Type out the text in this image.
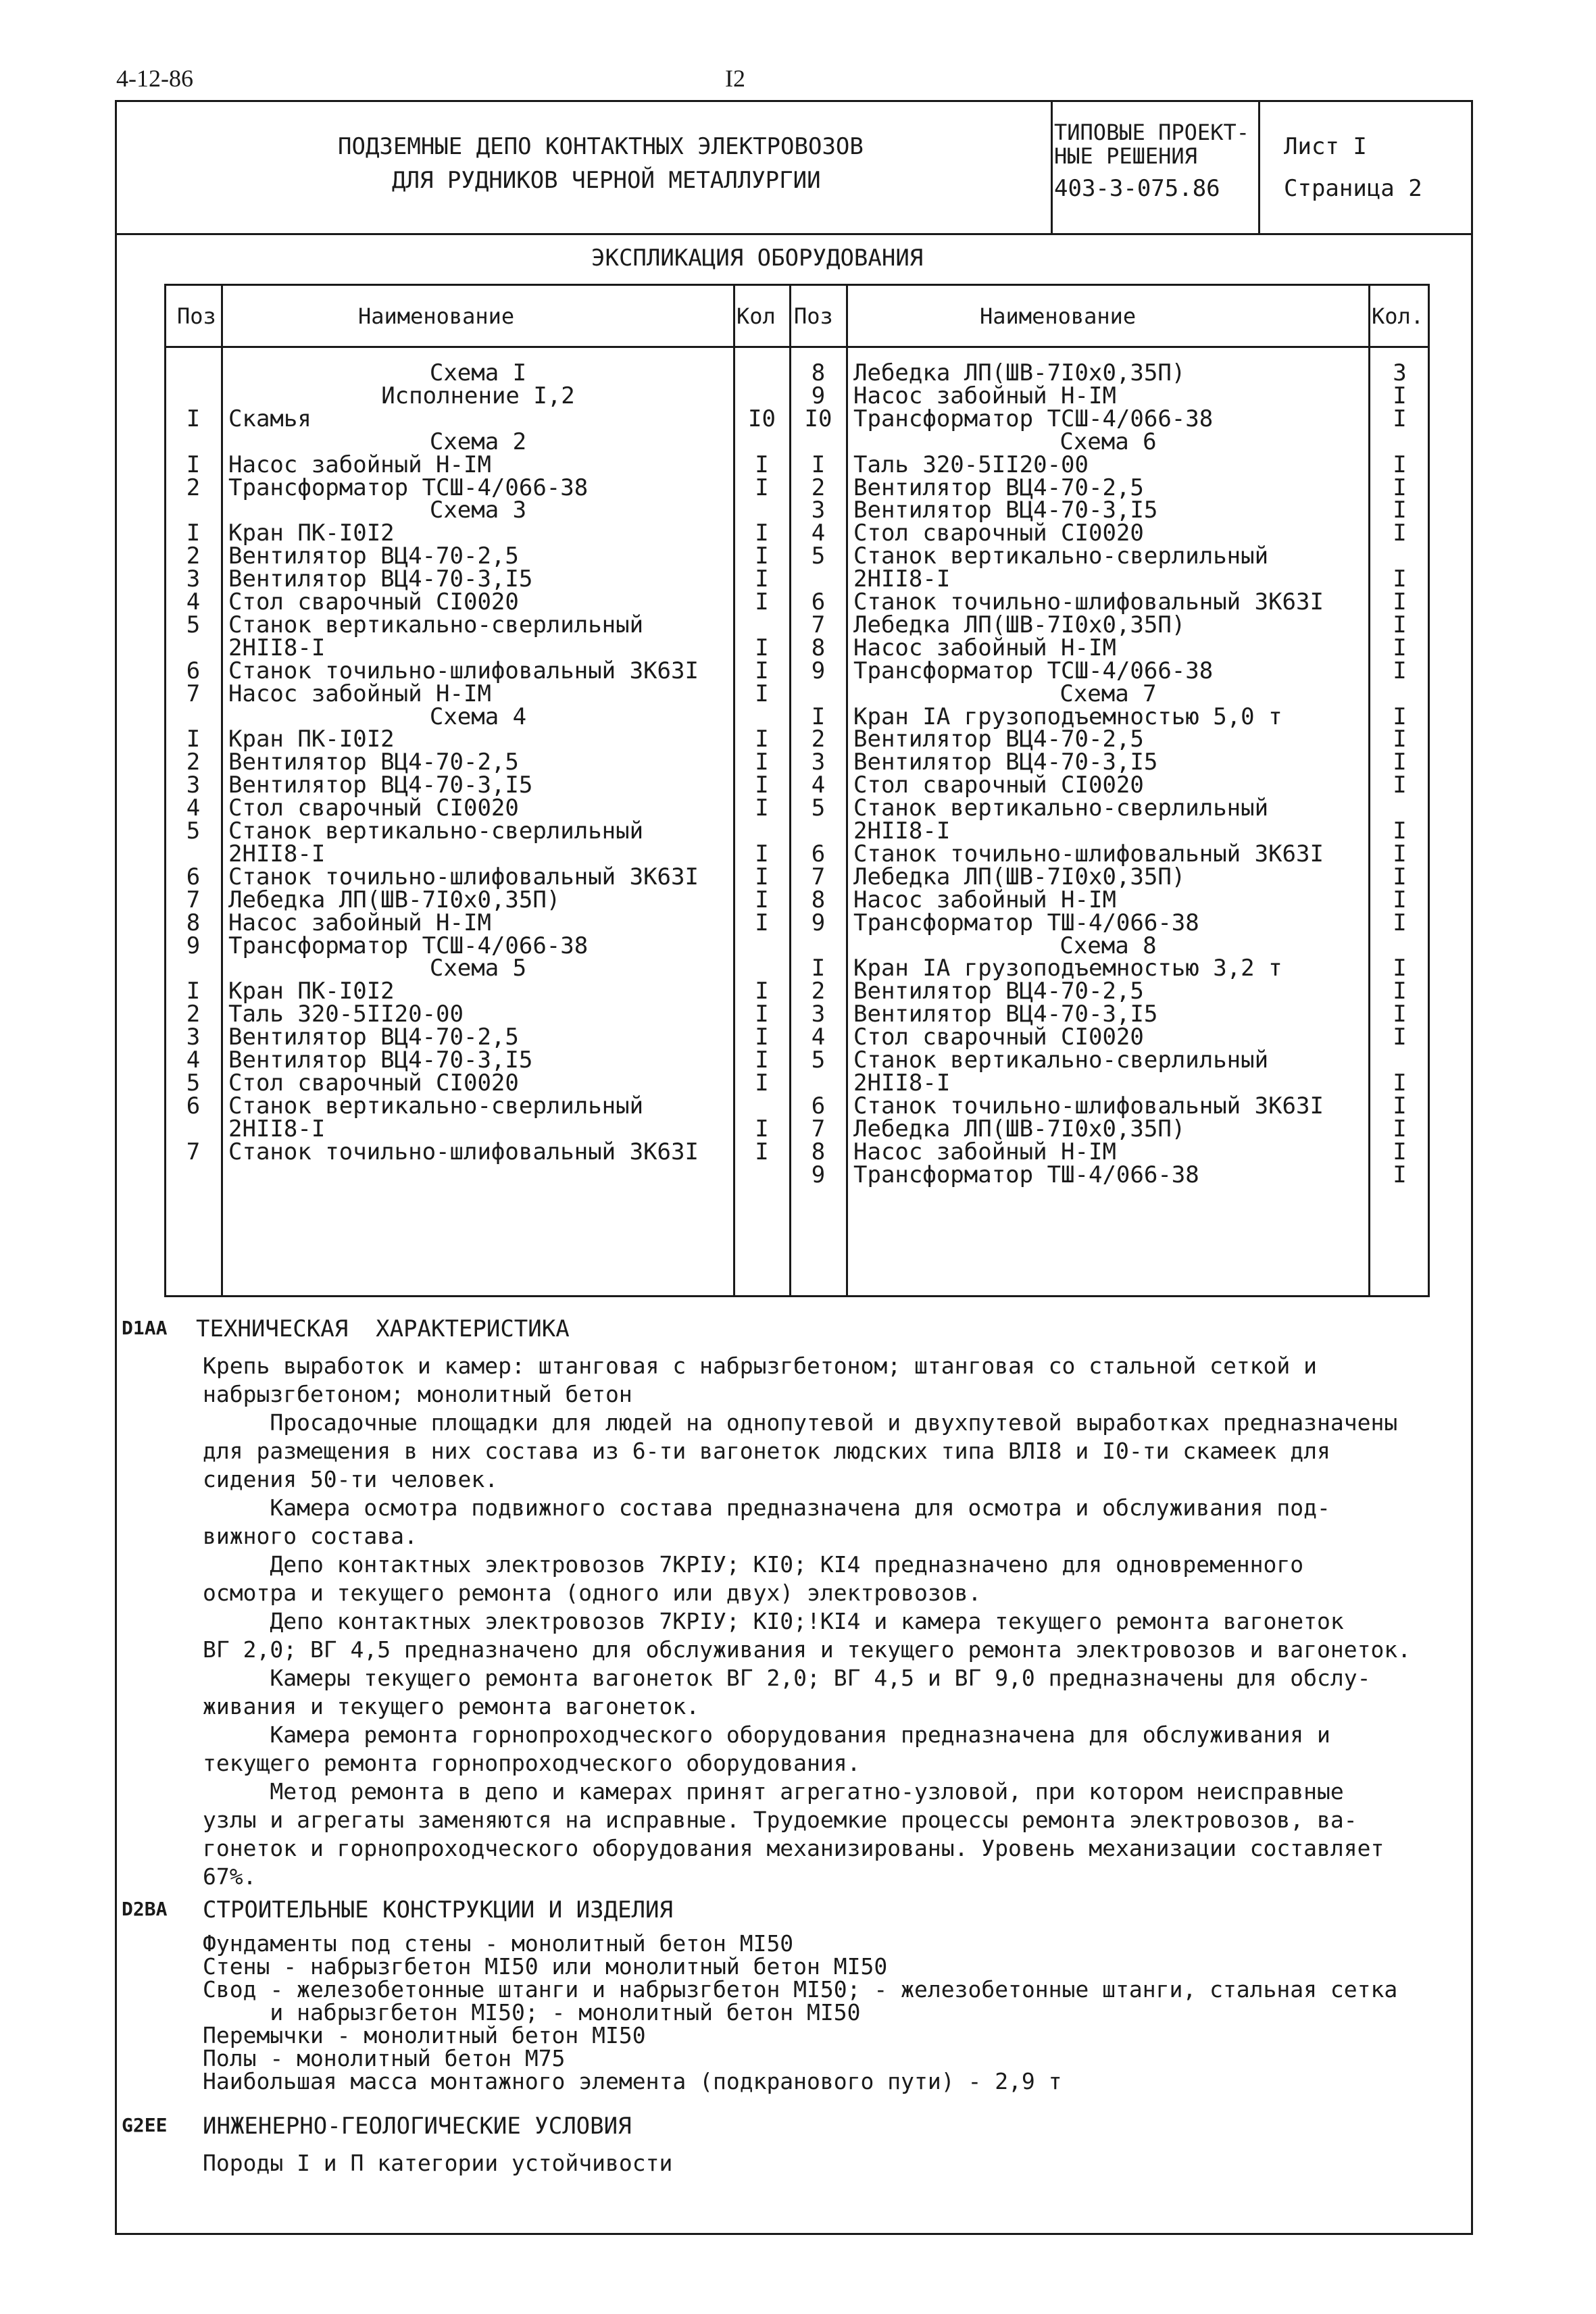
4-12-86	I2
ПОДЗЕМНЫЕ ДЕПО КОНТАКТНЫХ ЭЛЕКТРОВОЗОВ
ДЛЯ РУДНИКОВ ЧЕРНОЙ МЕТАЛЛУРГИИ
ТИПОВЫЕ ПРОЕКТ-
НЫЕ РЕШЕНИЯ
403-3-075.86
Лист I
Страница 2
ЭКСПЛИКАЦИЯ ОБОРУДОВАНИЯ
Поз	Наименование	Кол Поз	Наименование	Кол.
Схема I
Исполнение I,2
I	Скамья	I0
Схема 2
I	Насос забойный Н-IМ	I
2	Трансформатор ТСШ-4/066-38	I
Схема 3
I	Кран ПК-I0I2	I
2	Вентилятор ВЦ4-70-2,5	I
3	Вентилятор ВЦ4-70-3,I5	I
4	Стол сварочный СI0020	I
5	Станок вертикально-сверлильный
2НII8-I	I
6	Станок точильно-шлифовальный 3К63I	I
7	Насос забойный Н-IМ	I
Схема 4
I	Кран ПК-I0I2	I
2	Вентилятор ВЦ4-70-2,5	I
3	Вентилятор ВЦ4-70-3,I5	I
4	Стол сварочный СI0020	I
5	Станок вертикально-сверлильный
2НII8-I	I
6	Станок точильно-шлифовальный 3К63I	I
7	Лебедка ЛП(ШВ-7I0х0,35П)	I
8	Насос забойный Н-IМ	I
9	Трансформатор ТСШ-4/066-38
Схема 5
I	Кран ПК-I0I2	I
2	Таль 320-5II20-00	I
3	Вентилятор ВЦ4-70-2,5	I
4	Вентилятор ВЦ4-70-3,I5	I
5	Стол сварочный СI0020	I
6	Станок вертикально-сверлильный
2НII8-I	I
7	Станок точильно-шлифовальный 3К63I	I
8	Лебедка ЛП(ШВ-7I0х0,35П)	3
9	Насос забойный Н-IМ	I
I0 Трансформатор ТСШ-4/066-38	I
Схема 6
I	Таль 320-5II20-00	I
2	Вентилятор ВЦ4-70-2,5	I
3	Вентилятор ВЦ4-70-3,I5	I
4	Стол сварочный СI0020	I
5	Станок вертикально-сверлильный
2НII8-I	I
6	Станок точильно-шлифовальный 3К63I	I
7	Лебедка ЛП(ШВ-7I0х0,35П)	I
8	Насос забойный Н-IМ	I
9	Трансформатор ТСШ-4/066-38	I
Схема 7
I	Кран IА грузоподъемностью 5,0 т	I
2	Вентилятор ВЦ4-70-2,5	I
3	Вентилятор ВЦ4-70-3,I5	I
4	Стол сварочный СI0020	I
5	Станок вертикально-сверлильный
2НII8-I	I
6	Станок точильно-шлифовальный 3К63I	I
7	Лебедка ЛП(ШВ-7I0х0,35П)	I
8	Насос забойный Н-IМ	I
9	Трансформатор ТШ-4/066-38	I
Схема 8
I	Кран IА грузоподъемностью 3,2 т	I
2	Вентилятор ВЦ4-70-2,5	I
3	Вентилятор ВЦ4-70-3,I5	I
4	Стол сварочный СI0020	I
5	Станок вертикально-сверлильный
2НII8-I	I
6	Станок точильно-шлифовальный 3К63I	I
7	Лебедка ЛП(ШВ-7I0х0,35П)	I
8	Насос забойный Н-IМ	I
9	Трансформатор ТШ-4/066-38	I
D1AA ТЕХНИЧЕСКАЯ  ХАРАКТЕРИСТИКА
Крепь выработок и камер: штанговая с набрызгбетоном; штанговая со стальной сеткой и
набрызгбетоном; монолитный бетон
Просадочные площадки для людей на однопутевой и двухпутевой выработках предназначены
для размещения в них состава из 6-ти вагонеток людских типа ВЛI8 и I0-ти скамеек для
сидения 50-ти человек.
Камера осмотра подвижного состава предназначена для осмотра и обслуживания под-
вижного состава.
Депо контактных электровозов 7КРIУ; КI0; КI4 предназначено для одновременного
осмотра и текущего ремонта (одного или двух) электровозов.
Депо контактных электровозов 7КРIУ; КI0;!КI4 и камера текущего ремонта вагонеток
ВГ 2,0; ВГ 4,5 предназначено для обслуживания и текущего ремонта электровозов и вагонеток.
Камеры текущего ремонта вагонеток ВГ 2,0; ВГ 4,5 и ВГ 9,0 предназначены для обслу-
живания и текущего ремонта вагонеток.
Камера ремонта горнопроходческого оборудования предназначена для обслуживания и
текущего ремонта горнопроходческого оборудования.
Метод ремонта в депо и камерах принят агрегатно-узловой, при котором неисправные
узлы и агрегаты заменяются на исправные. Трудоемкие процессы ремонта электровозов, ва-
гонеток и горнопроходческого оборудования механизированы. Уровень механизации составляет
67%.
D2BA СТРОИТЕЛЬНЫЕ КОНСТРУКЦИИ И ИЗДЕЛИЯ
Фундаменты под стены - монолитный бетон МI50
Стены - набрызгбетон МI50 или монолитный бетон МI50
Свод - железобетонные штанги и набрызгбетон МI50; - железобетонные штанги, стальная сетка
и набрызгбетон МI50; - монолитный бетон МI50
Перемычки - монолитный бетон МI50
Полы - монолитный бетон М75
Наибольшая масса монтажного элемента (подкранового пути) - 2,9 т
G2EE ИНЖЕНЕРНО-ГЕОЛОГИЧЕСКИЕ УСЛОВИЯ
Породы I и П категории устойчивости
